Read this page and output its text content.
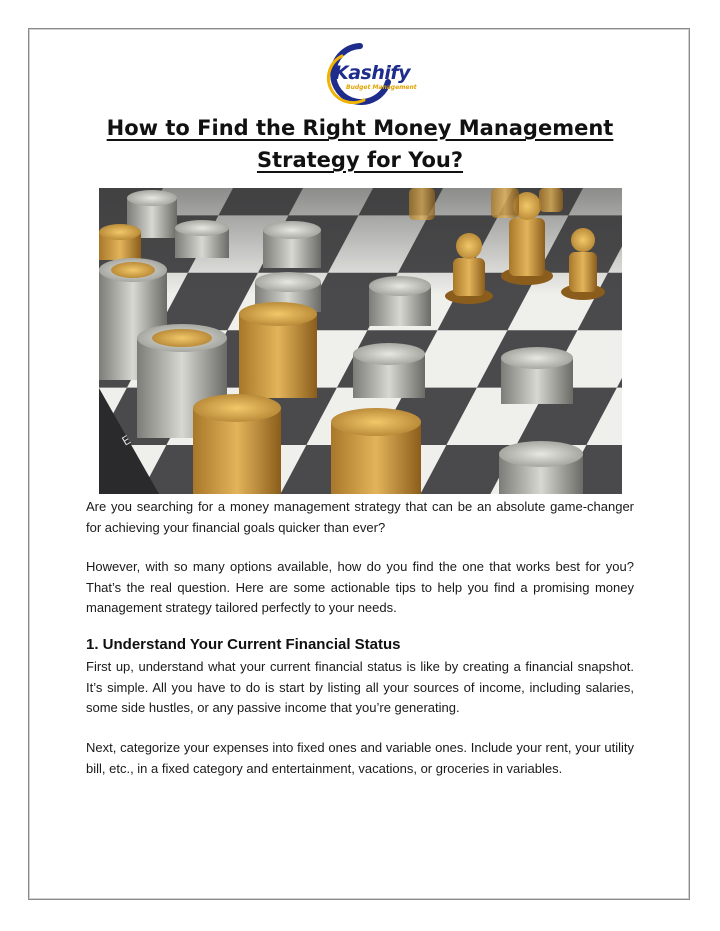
Kashify
Budget Management
How to Find the Right Money Management Strategy for You?

Are you searching for a money management strategy that can be an absolute game-changer for achieving your financial goals quicker than ever?

However, with so many options available, how do you find the one that works best for you? That’s the real question. Here are some actionable tips to help you find a promising money management strategy tailored perfectly to your needs.

1. Understand Your Current Financial Status

First up, understand what your current financial status is like by creating a financial snapshot. It’s simple. All you have to do is start by listing all your sources of income, including salaries, some side hustles, or any passive income that you’re generating.

Next, categorize your expenses into fixed ones and variable ones. Include your rent, your utility bill, etc., in a fixed category and entertainment, vacations, or groceries in variables.
